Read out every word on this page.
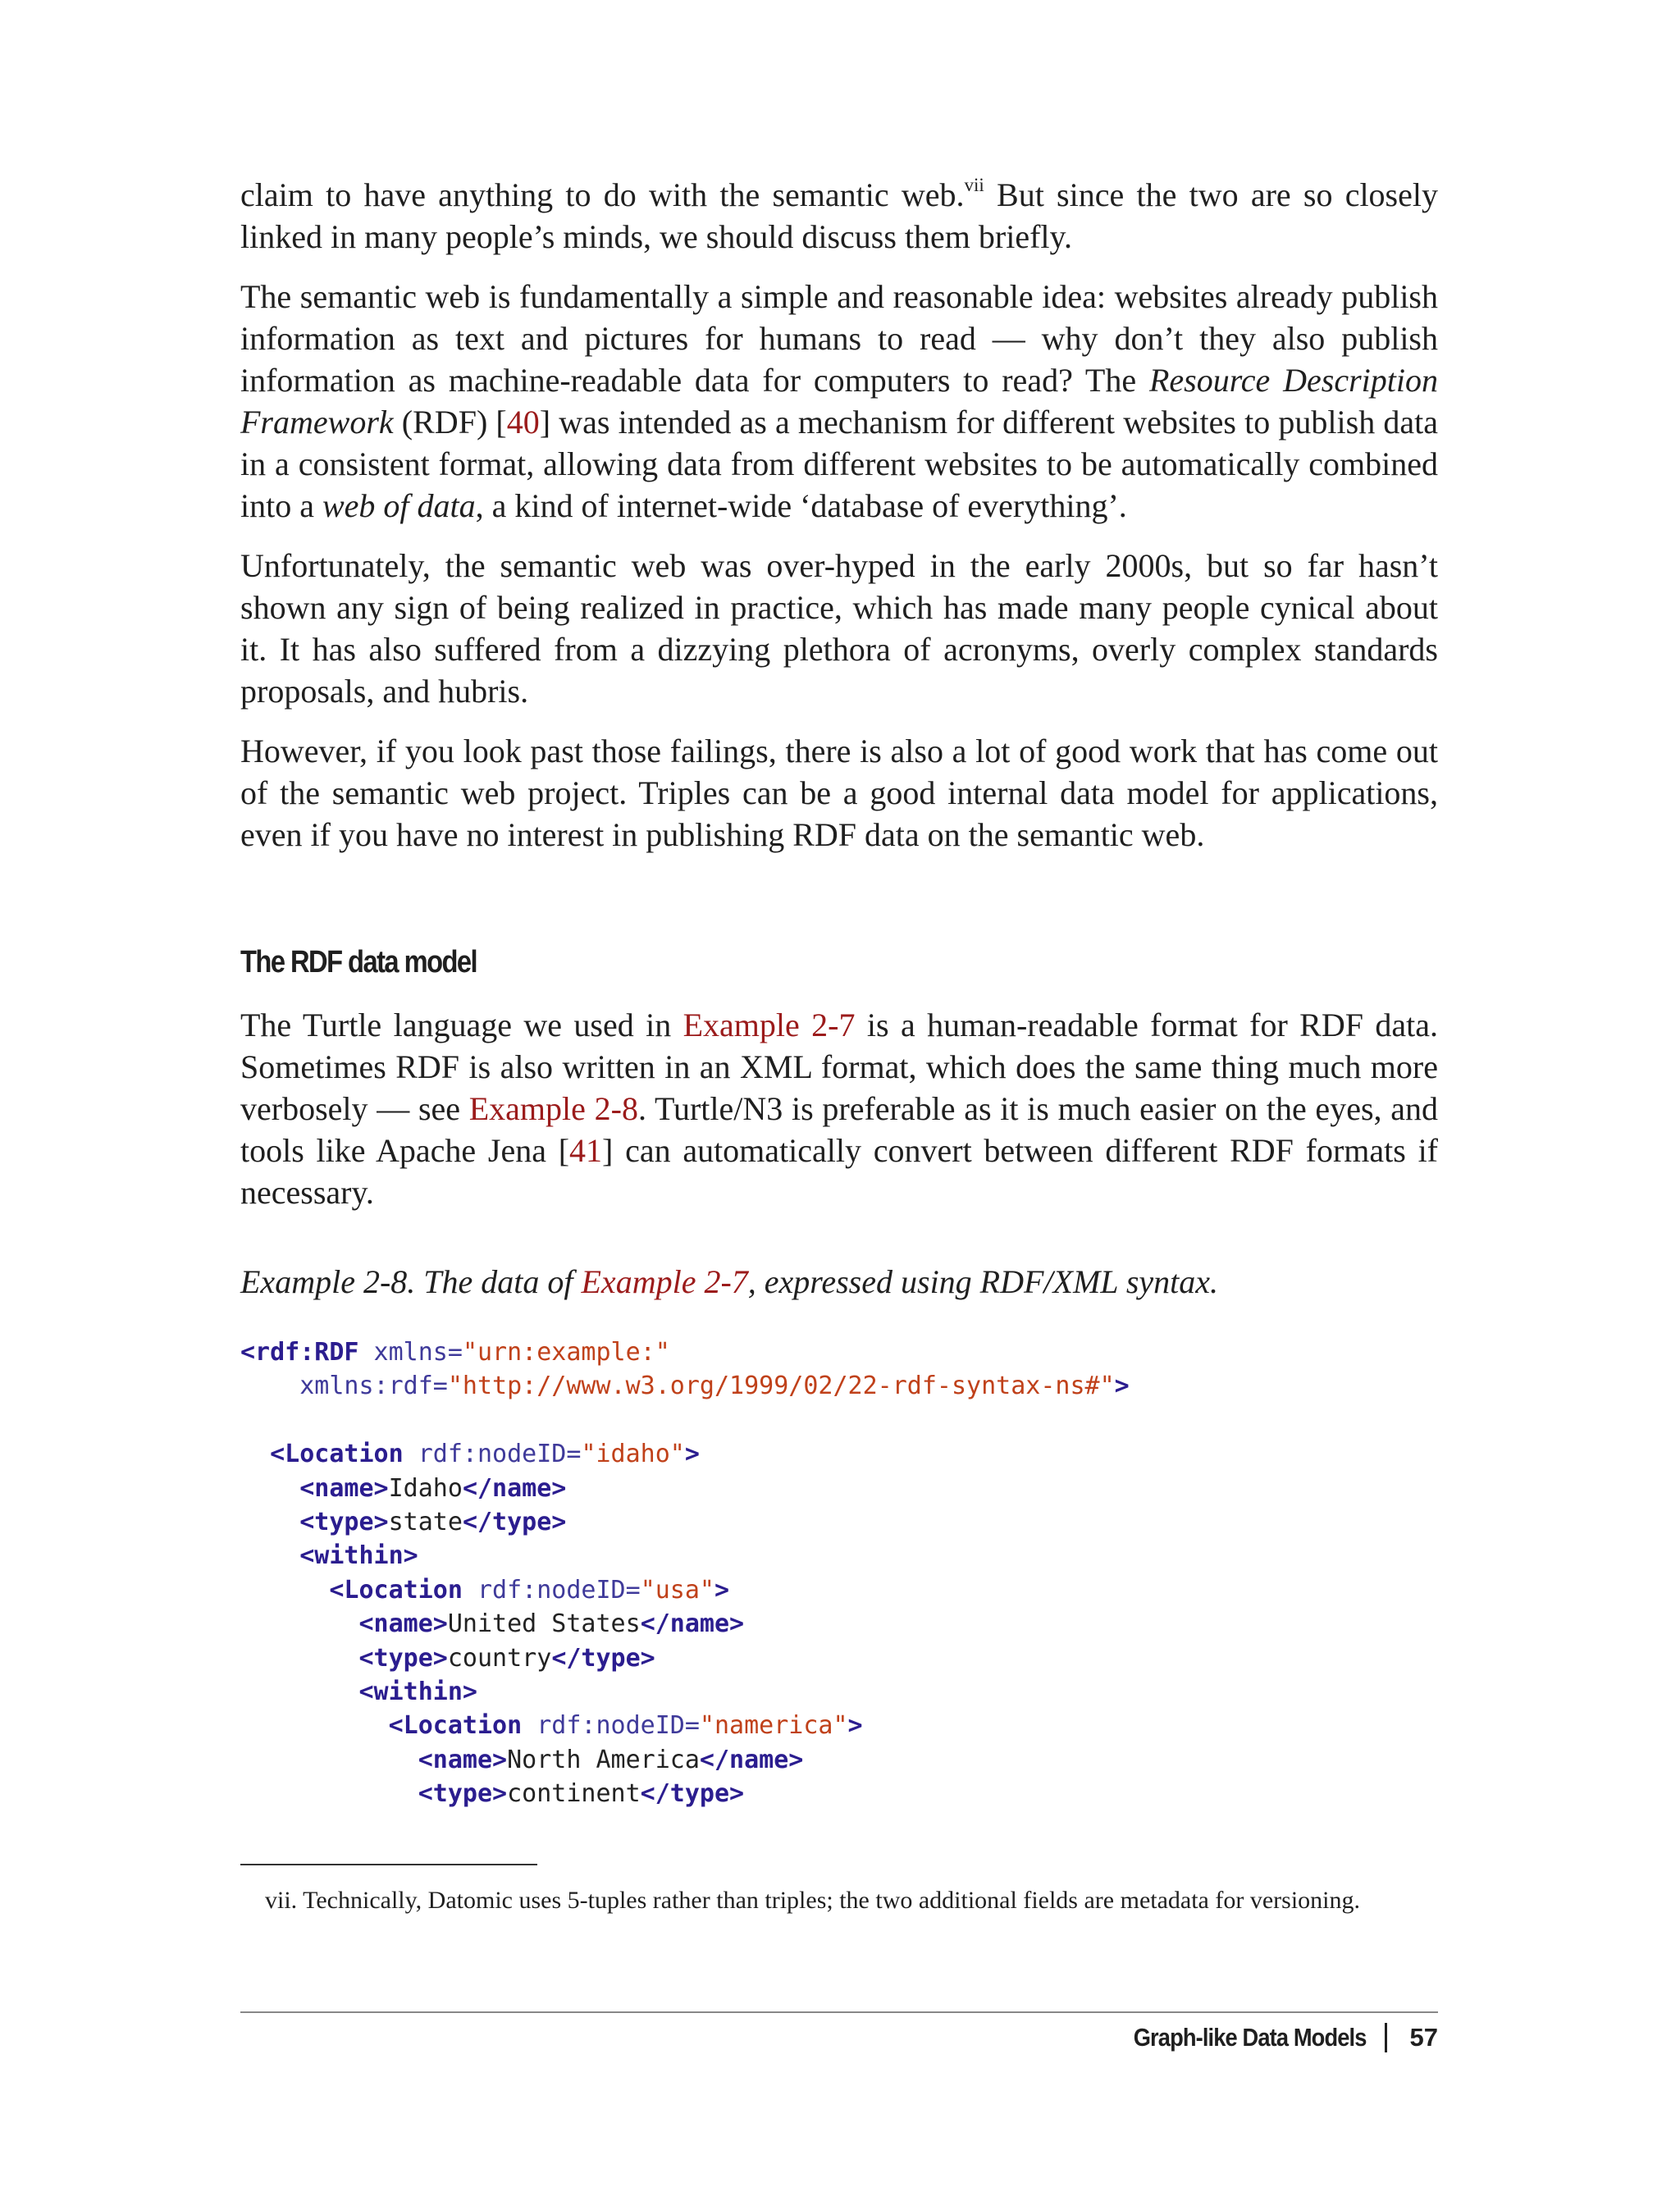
claim to have anything to do with the semantic web.$^{vii}$ But since the two are so closely linked in many people’s minds, we should discuss them briefly.

The semantic web is fundamentally a simple and reasonable idea: websites already publish information as text and pictures for humans to read — why don’t they also publish information as machine-readable data for computers to read? The Resource Description Framework (RDF) [40] was intended as a mechanism for different websites to publish data in a consistent format, allowing data from different websites to be automatically combined into a web of data, a kind of internet-wide ‘database of everything’.

Unfortunately, the semantic web was over-hyped in the early 2000s, but so far hasn’t shown any sign of being realized in practice, which has made many people cynical about it. It has also suffered from a dizzying plethora of acronyms, overly complex standards proposals, and hubris.

However, if you look past those failings, there is also a lot of good work that has come out of the semantic web project. Triples can be a good internal data model for applications, even if you have no interest in publishing RDF data on the semantic web.

The RDF data model

The Turtle language we used in Example 2-7 is a human-readable format for RDF data. Sometimes RDF is also written in an XML format, which does the same thing much more verbosely — see Example 2-8. Turtle/N3 is preferable as it is much easier on the eyes, and tools like Apache Jena [41] can automatically convert between different RDF formats if necessary.

Example 2-8. The data of Example 2-7, expressed using RDF/XML syntax.
<rdf:RDF xmlns="urn:example:"
xmlns:rdf="http://www.w3.org/1999/02/22-rdf-syntax-ns#">

<Location rdf:nodeID="idaho">
<name>Idaho</name>
<type>state</type>
<within>
<Location rdf:nodeID="usa">
<name>United States</name>
<type>country</type>
<within>
<Location rdf:nodeID="namerica">
<name>North America</name>
<type>continent</type>
vii. Technically, Datomic uses 5-tuples rather than triples; the two additional fields are metadata for versioning.
Graph-like Data Models 57
